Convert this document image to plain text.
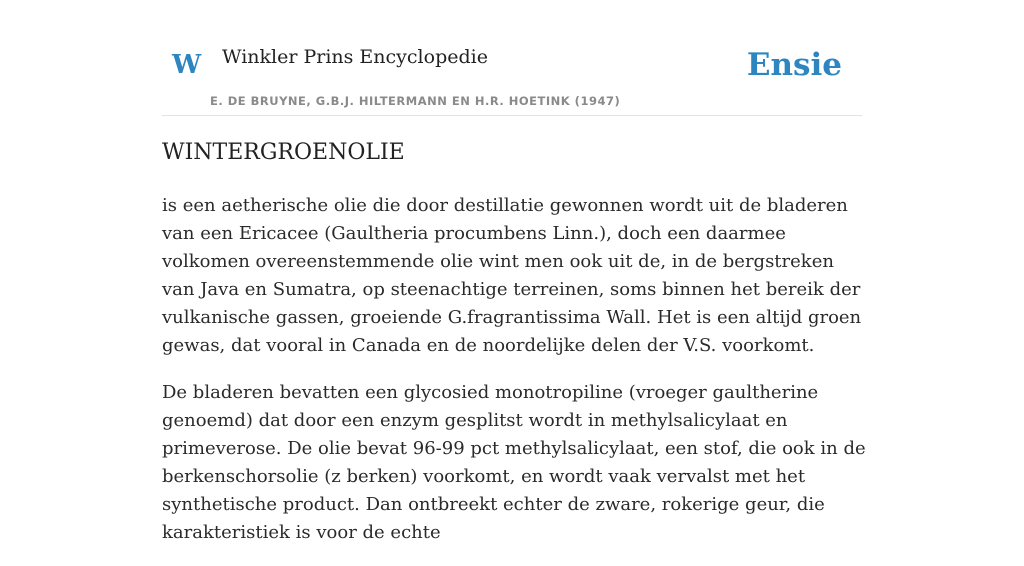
W Winkler Prins Encyclopedie
E. DE BRUYNE, G.B.J. HILTERMANN EN H.R. HOETINK (1947)
Ensie
WINTERGROENOLIE

is een aetherische olie die door destillatie gewonnen wordt uit de bladeren van een Ericacee (Gaultheria procumbens Linn.), doch een daarmee volkomen overeenstemmende olie wint men ook uit de, in de bergstreken van Java en Sumatra, op steenachtige terreinen, soms binnen het bereik der vulkanische gassen, groeiende G.fragrantissima Wall. Het is een altijd groen gewas, dat vooral in Canada en de noordelijke delen der V.S. voorkomt.

De bladeren bevatten een glycosied monotropiline (vroeger gaultherine genoemd) dat door een enzym gesplitst wordt in methylsalicylaat en primeverose. De olie bevat 96-99 pct methylsalicylaat, een stof, die ook in de berkenschorsolie (z berken) voorkomt, en wordt vaak vervalst met het synthetische product. Dan ontbreekt echter de zware, rokerige geur, die karakteristiek is voor de echte
